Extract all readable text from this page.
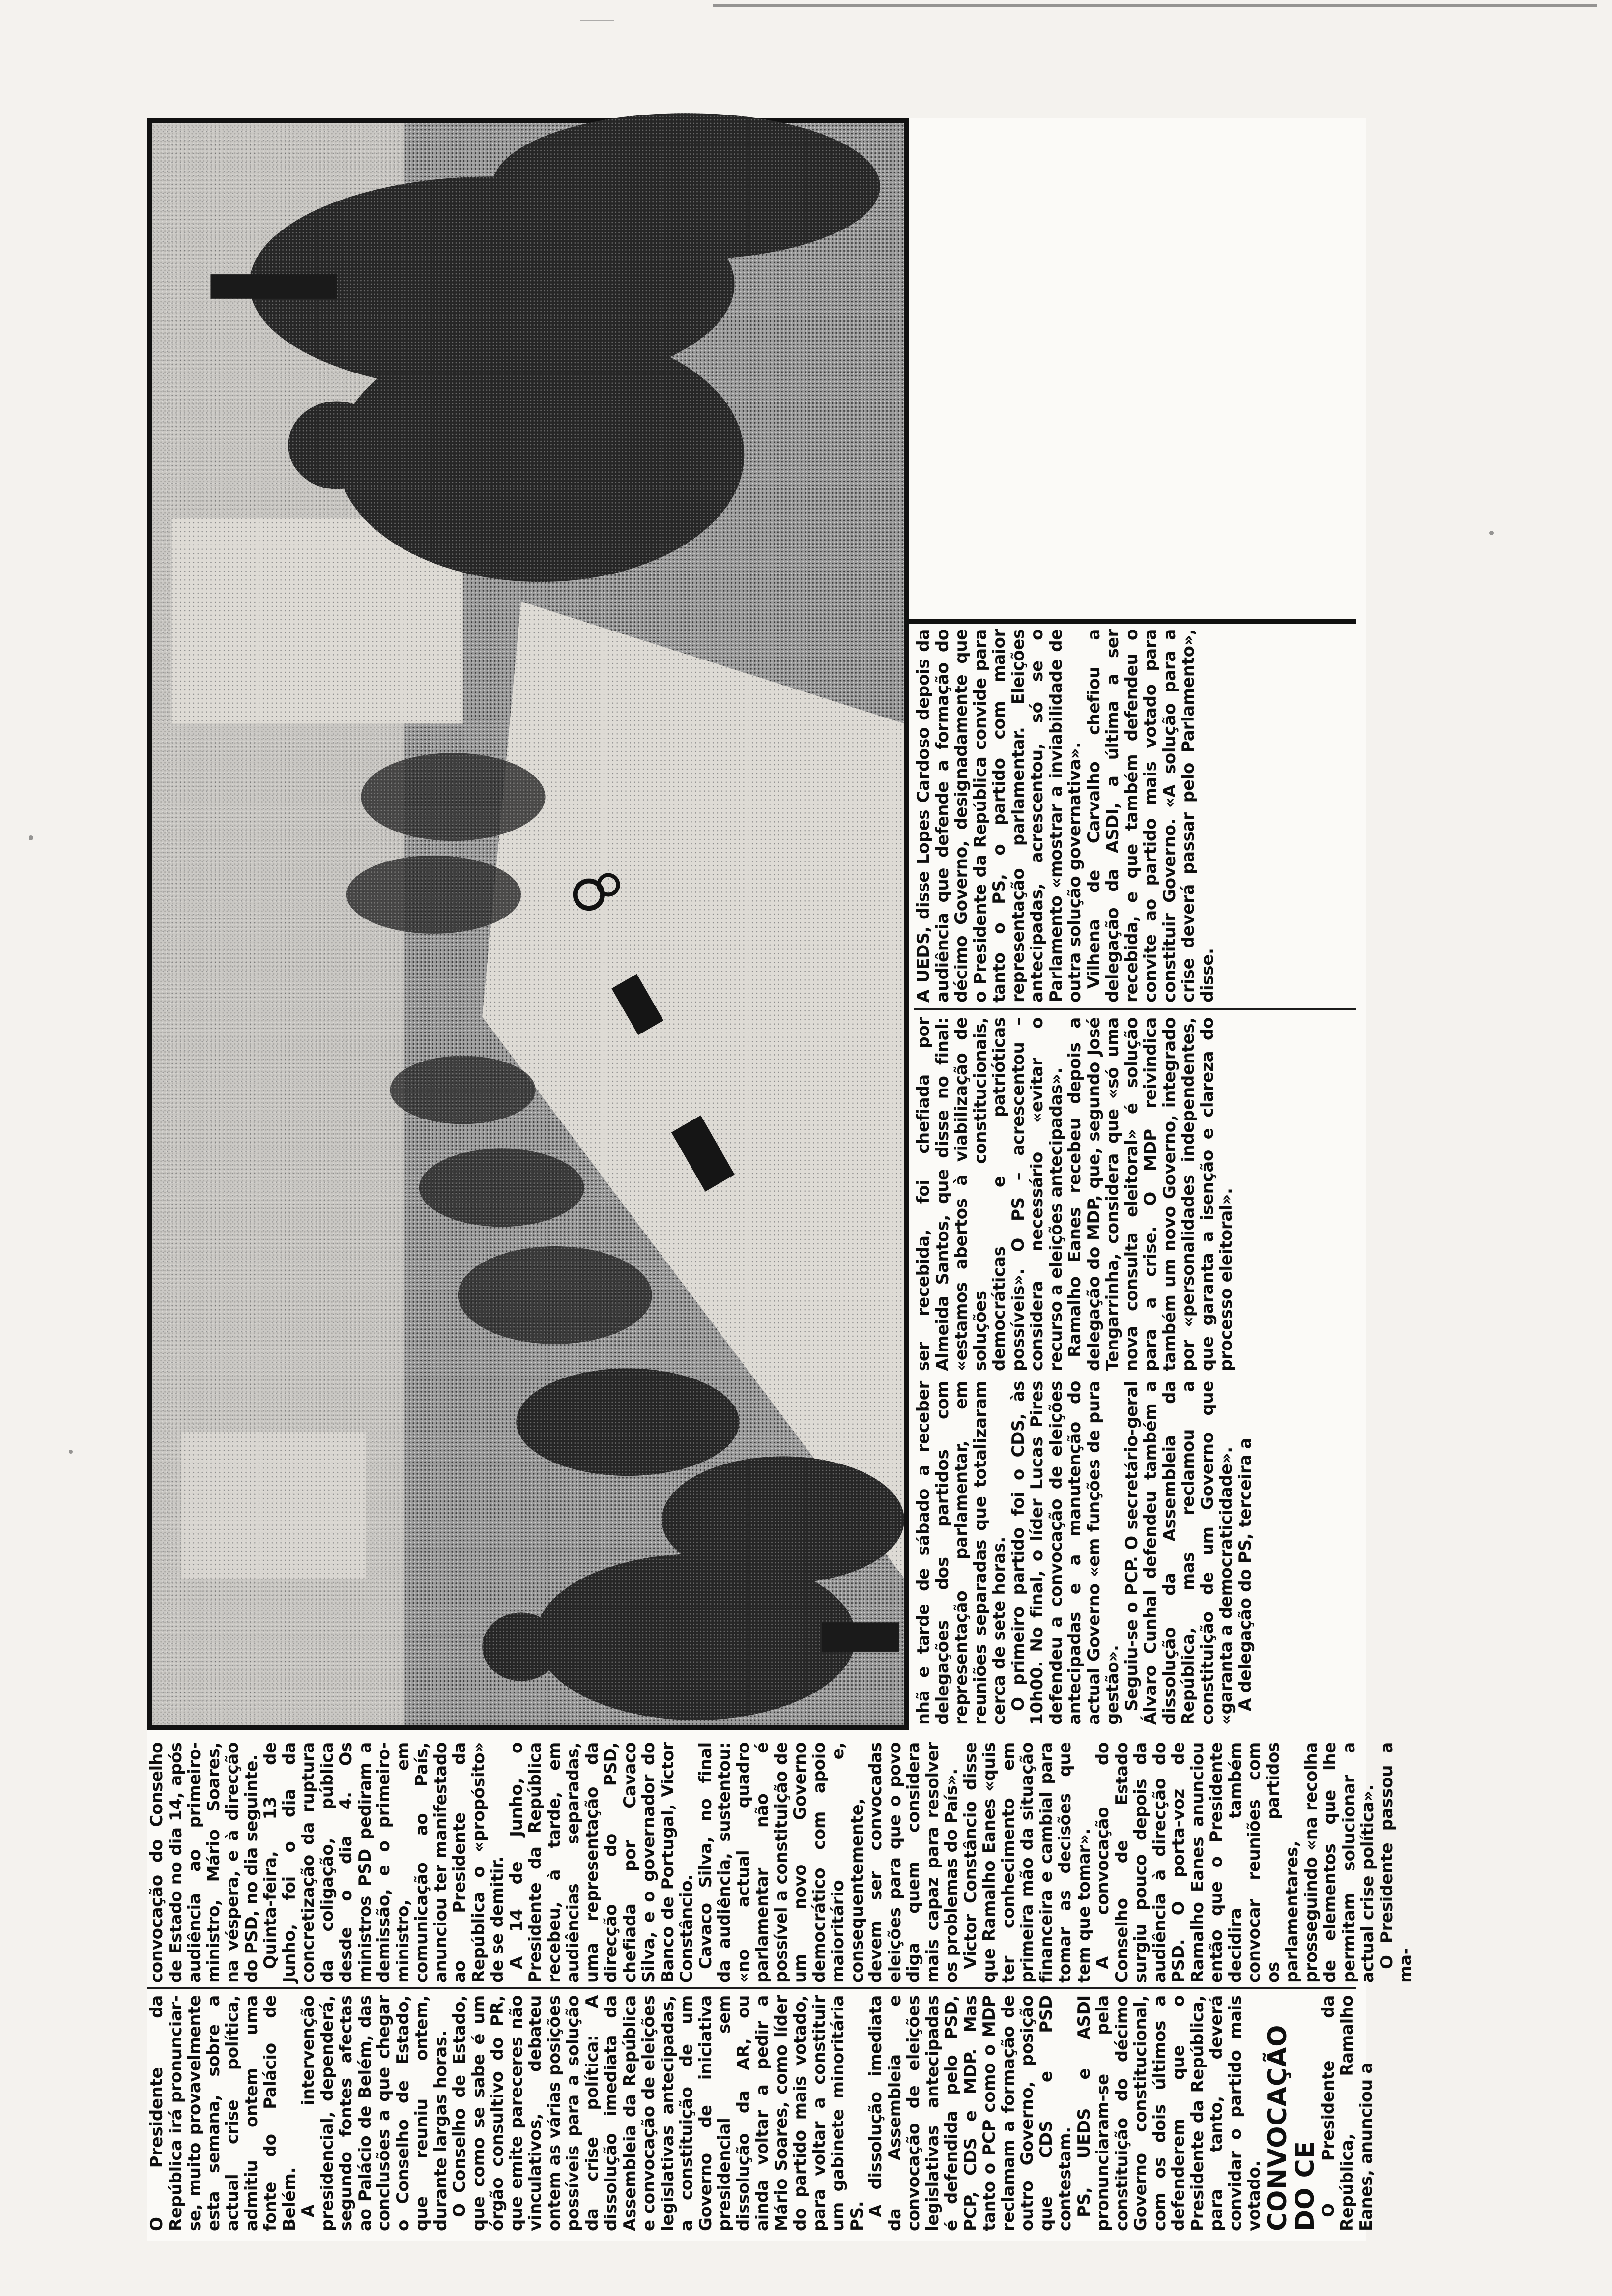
O Presidente da República irá pronunciar-se, muito provavelmente esta semana, sobre a actual crise política, admitiu ontem uma fonte do Palácio de Belém.

A intervenção presidencial, dependerá, segundo fontes afectas ao Palácio de Belém, das conclusões a que chegar o Conselho de Estado, que reuniu ontem, durante largas horas.

O Conselho de Estado, que como se sabe é um órgão consultivo do PR, que emite pareceres não vinculativos, debateu ontem as várias posições possíveis para a solução da crise política: A dissolução imediata da Assembleia da República e convocação de eleições legislativas antecipadas, a constituição de um Governo de iniciativa presidencial sem dissolução da AR, ou ainda voltar a pedir a Mário Soares, como líder do partido mais votado, para voltar a constituir um gabinete minoritária PS.

A dissolução imediata da Assembleia e convocação de eleições legislativas antecipadas é defendida pelo PSD, PCP, CDS e MDP. Mas tanto o PCP como o MDP reclamam a formação de outro Governo, posição que CDS e PSD contestam.

PS, UEDS e ASDI pronunciaram-se pela constituição do décimo Governo constitucional, com os dois últimos a defenderem que o Presidente da República, para tanto, deverá convidar o partido mais votado.

CONVOCAÇÃO DO CE

O Presidente da República, Ramalho Eanes, anunciou a

convocação do Conselho de Estado no dia 14, após audiência ao primeiro-ministro, Mário Soares, na véspera, e à direcção do PSD, no dia seguinte.

Quinta-feira, 13 de Junho, foi o dia da concretização da ruptura da coligação, pública desde o dia 4. Os ministros PSD pediram a demissão, e o primeiro-ministro, em comunicação ao País, anunciou ter manifestado ao Presidente da República o «propósito» de se demitir.

A 14 de Junho, o Presidente da República recebeu, à tarde, em audiências separadas, uma representação da direcção do PSD, chefiada por Cavaco Silva, e o governador do Banco de Portugal, Victor Constâncio.

Cavaco Silva, no final da audiência, sustentou: «no actual quadro parlamentar não é possível a constituição de um novo Governo democrático com apoio maioritário e, consequentemente, devem ser convocadas eleições para que o povo diga quem considera mais capaz para resolver os problemas do País».

Victor Constâncio disse que Ramalho Eanes «quis ter conhecimento em primeira mão da situação financeira e cambial para tomar as decisões que tem que tomar».

A convocação do Conselho de Estado surgiu pouco depois da audiência à direcção do PSD. O porta-voz de Ramalho Eanes anunciou então que o Presidente decidira também convocar reuniões com os partidos parlamentares, prosseguindo «na recolha de elementos que lhe permitam solucionar a actual crise política».

O Presidente passou a ma-

nhã e tarde de sábado a receber delegações dos partidos com representação parlamentar, em reuniões separadas que totalizaram cerca de sete horas.

O primeiro partido foi o CDS, às 10h00. No final, o líder Lucas Pires defendeu a convocação de eleições antecipadas e a manutenção do actual Governo «em funções de pura gestão».

Seguiu-se o PCP. O secretário-geral Álvaro Cunhal defendeu também a dissolução da Assembleia da República, mas reclamou a constituição de um Governo que «garanta a democraticidade».

A delegação do PS, terceira a

ser recebida, foi chefiada por Almeida Santos, que disse no final: «estamos abertos à viabilização de soluções constitucionais, democráticas e patrióticas possíveis». O PS – acrescentou – considera necessário «evitar o recurso a eleições antecipadas».

Ramalho Eanes recebeu depois a delegação do MDP, que, segundo José Tengarrinha, considera que «só uma nova consulta eleitoral» é solução para a crise. O MDP reivindica também um novo Governo, integrado por «personalidades independentes, que garanta a isenção e clareza do processo eleitoral».

A UEDS, disse Lopes Cardoso depois da audiência que defende a formação do décimo Governo, designadamente que o Presidente da República convide para tanto o PS, o partido com maior representação parlamentar. Eleições antecipadas, acrescentou, só se o Parlamento «mostrar a inviabilidade de outra solução governativa».

Vilhena de Carvalho chefiou a delegação da ASDI, a última a ser recebida, e que também defendeu o convite ao partido mais votado para constituir Governo. «A solução para a crise deverá passar pelo Parlamento», disse.
